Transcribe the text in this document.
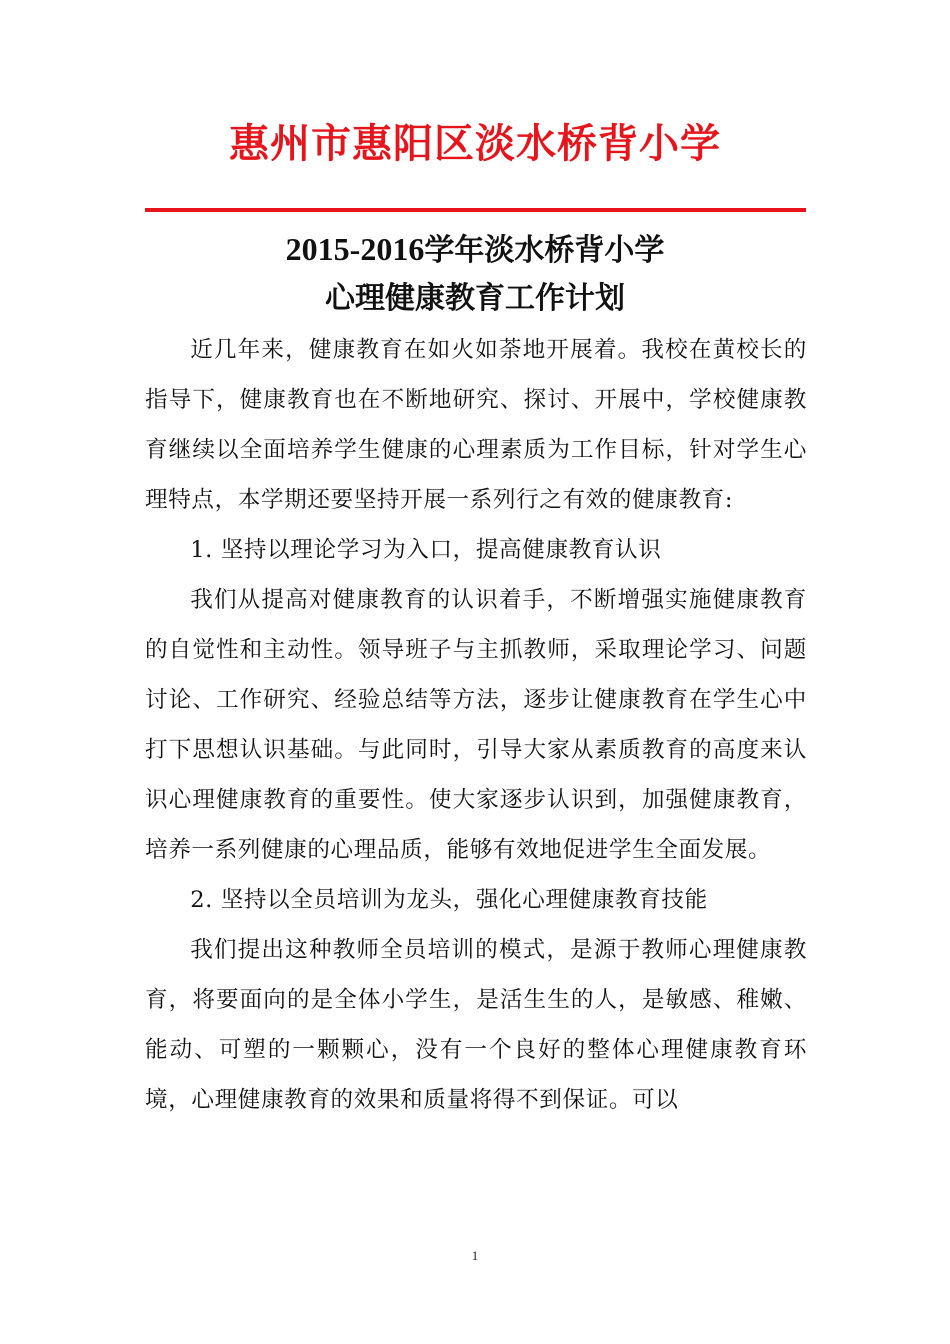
惠州市惠阳区淡水桥背小学
2015-2016学年淡水桥背小学
心理健康教育工作计划

近几年来，健康教育在如火如荼地开展着。我校在黄校长的指导下，健康教育也在不断地研究、探讨、开展中，学校健康教育继续以全面培养学生健康的心理素质为工作目标，针对学生心理特点，本学期还要坚持开展一系列行之有效的健康教育:

1. 坚持以理论学习为入口，提高健康教育认识

我们从提高对健康教育的认识着手，不断增强实施健康教育的自觉性和主动性。领导班子与主抓教师，采取理论学习、问题讨论、工作研究、经验总结等方法，逐步让健康教育在学生心中打下思想认识基础。与此同时，引导大家从素质教育的高度来认识心理健康教育的重要性。使大家逐步认识到，加强健康教育，培养一系列健康的心理品质，能够有效地促进学生全面发展。

2. 坚持以全员培训为龙头，强化心理健康教育技能

我们提出这种教师全员培训的模式，是源于教师心理健康教育，将要面向的是全体小学生，是活生生的人，是敏感、稚嫩、能动、可塑的一颗颗心，没有一个良好的整体心理健康教育环境，心理健康教育的效果和质量将得不到保证。可以

1
